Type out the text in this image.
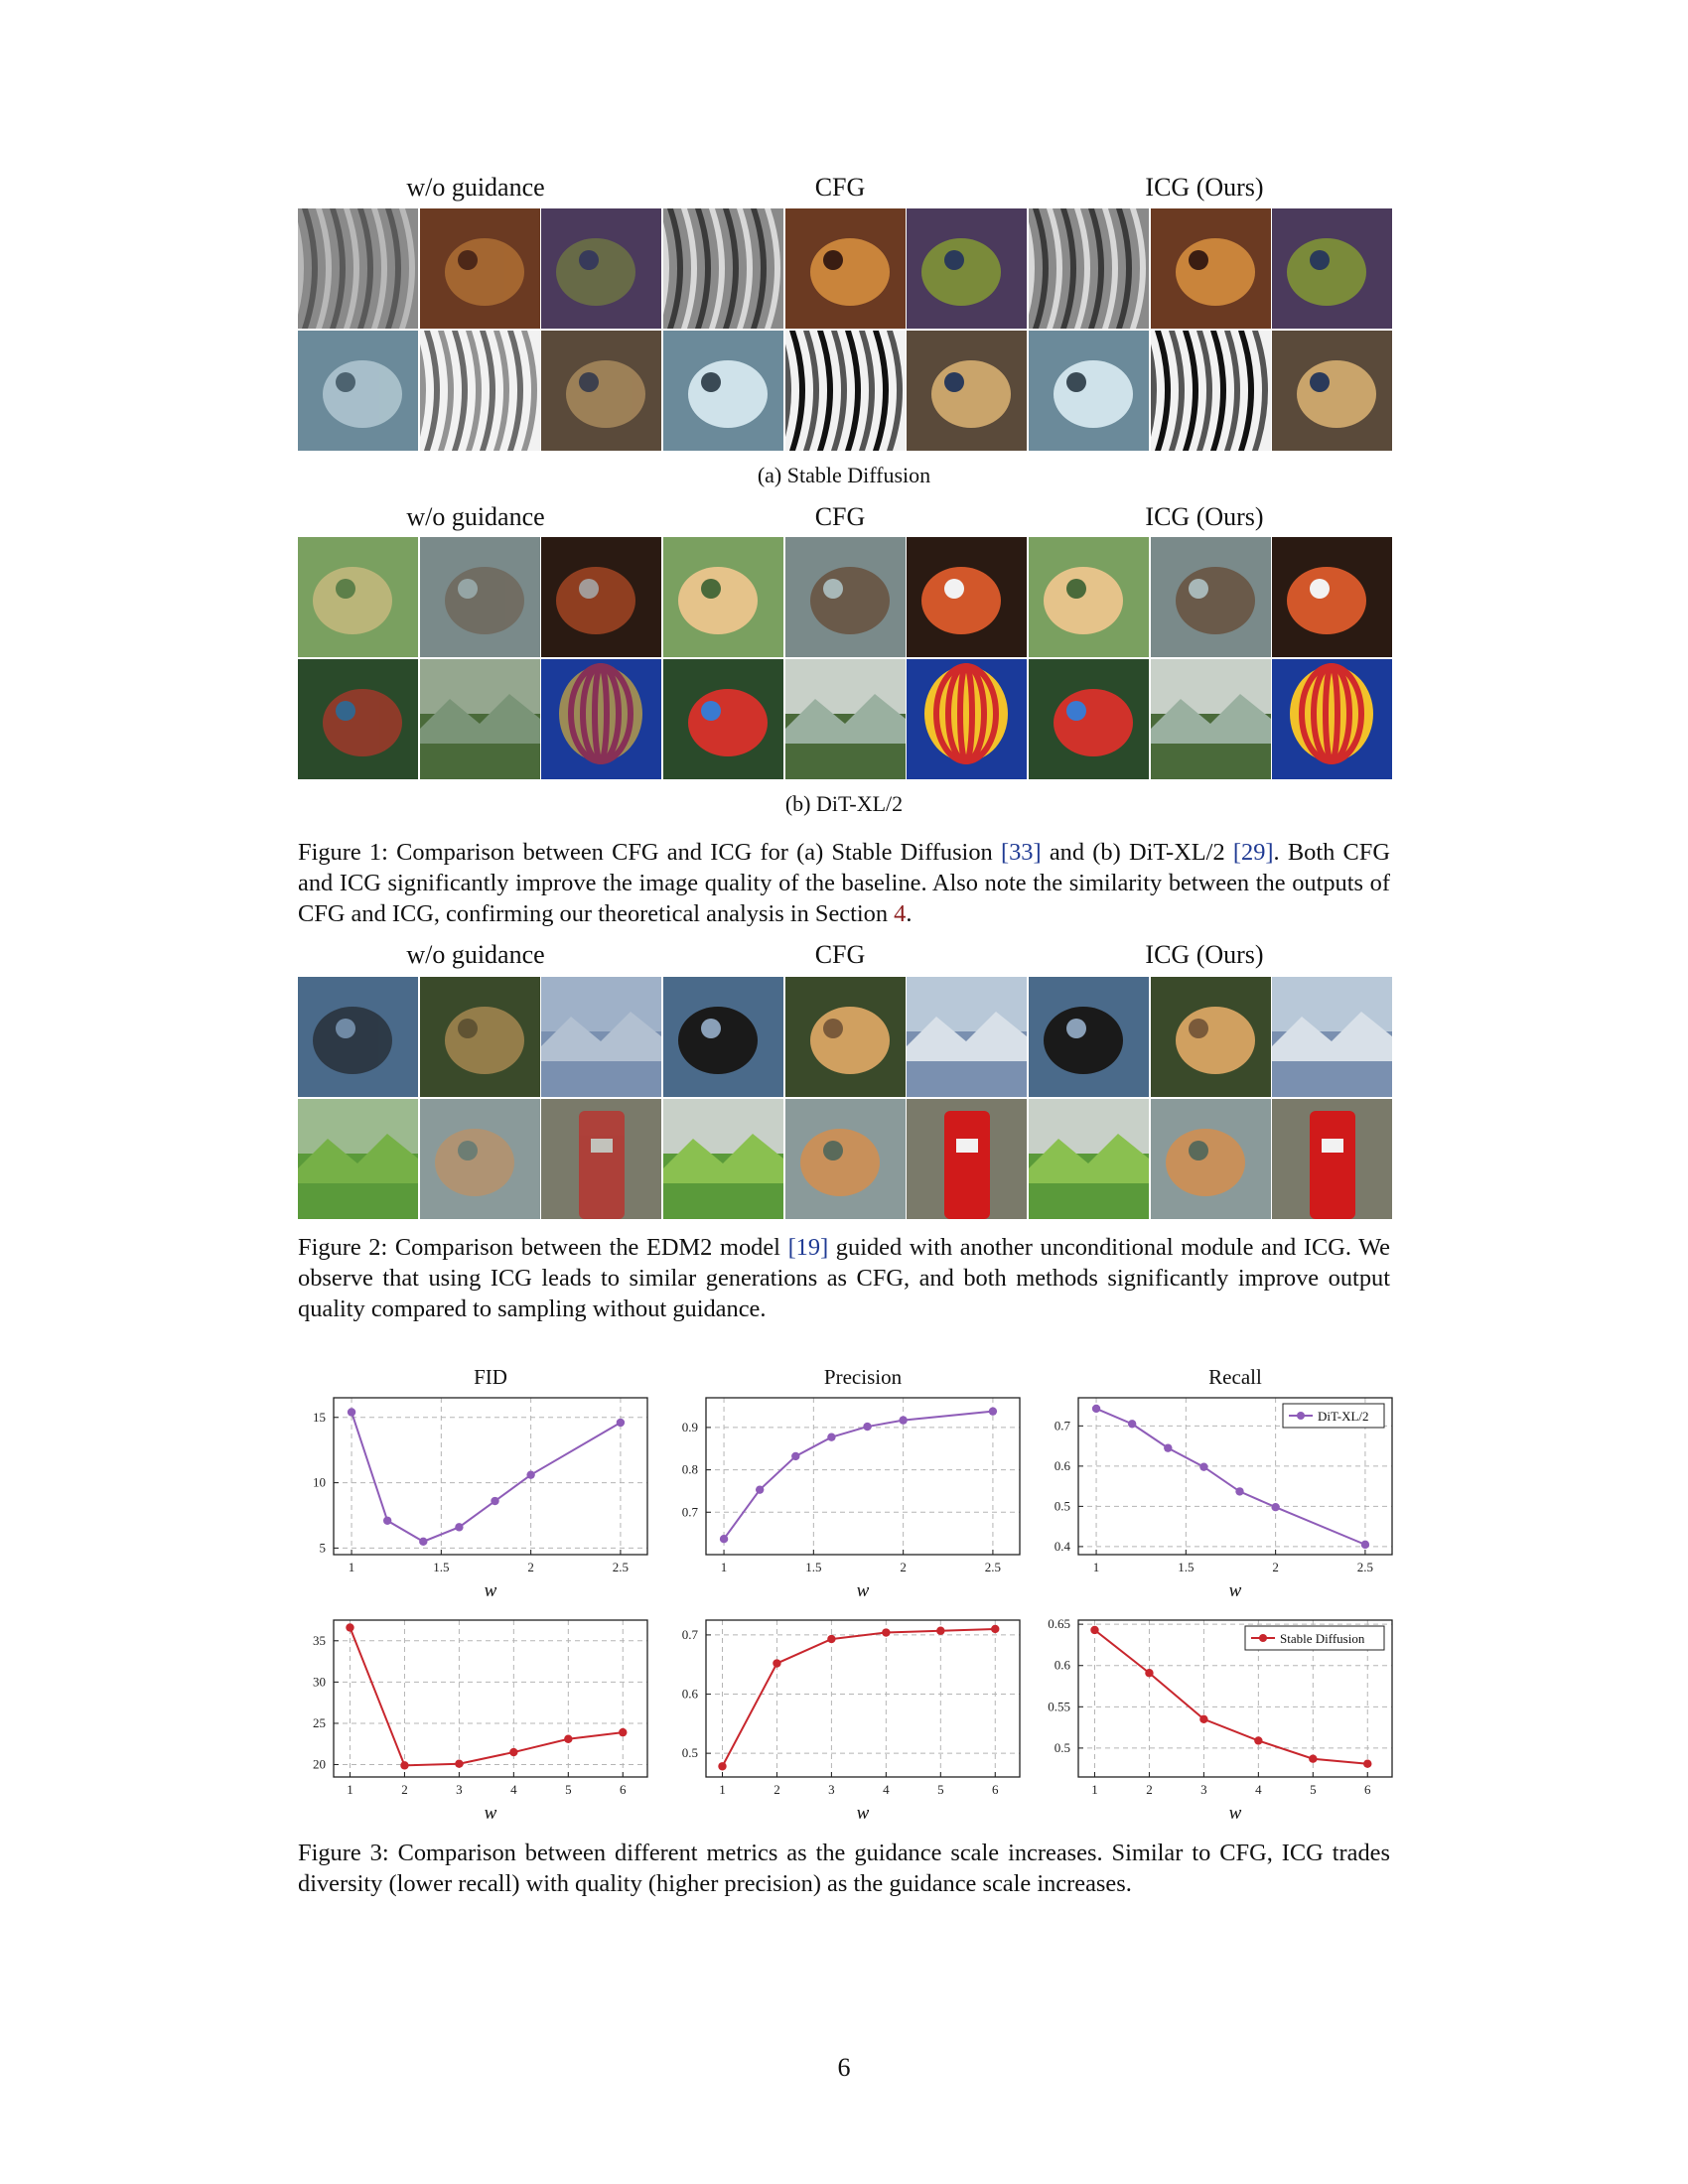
w/o guidance	CFG	ICG (Ours)
(a) Stable Diffusion
w/o guidance	CFG	ICG (Ours)
(b) DiT-XL/2

Figure 1: Comparison between CFG and ICG for (a) Stable Diffusion [33] and (b) DiT-XL/2 [29]. Both CFG and ICG significantly improve the image quality of the baseline. Also note the similarity between the outputs of CFG and ICG, confirming our theoretical analysis in Section 4.

w/o guidance	CFG	ICG (Ours)

Figure 2: Comparison between the EDM2 model [19] guided with another unconditional module and ICG. We observe that using ICG leads to similar generations as CFG, and both methods significantly improve output quality compared to sampling without guidance.

FID
1	1.5	2	2.5
5
10
15
w
Precision
1	1.5	2	2.5
0.7
0.8
0.9
w
Recall
1	1.5	2	2.5
0.4
0.5
0.6
0.7
w
DiT-XL/2
1	2	3	4	5	6
20
25
30
35
w
1	2	3	4	5	6
0.5
0.6
0.7
w
1	2	3	4	5	6
0.5
0.55
0.6
0.65
w
Stable Diffusion
Figure 3: Comparison between different metrics as the guidance scale increases. Similar to CFG, ICG trades diversity (lower recall) with quality (higher precision) as the guidance scale increases.
6
